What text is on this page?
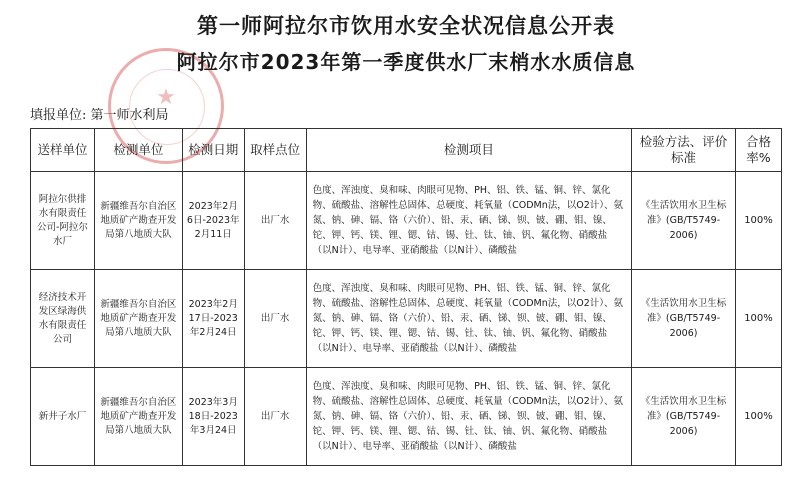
★
第一师阿拉尔市饮用水安全状况信息公开表
阿拉尔市2023年第一季度供水厂末梢水水质信息
填报单位: 第一师水利局
送样单位	检测单位	检测日期	取样点位	检测项目	检验方法、评价标准	合格率%
阿拉尔供排水有限责任公司-阿拉尔水厂	新疆维吾尔自治区地质矿产勘查开发局第八地质大队	2023年2月6日-2023年2月11日	出厂水	色度、浑浊度、臭和味、肉眼可见物、PH、铝、铁、锰、铜、锌、氯化物、硫酸盐、溶解性总固体、总硬度、耗氧量（CODMn法，以O2计）、氨氮、钠、砷、镉、铬（六价）、铅、汞、硒、锑、钡、铍、硼、钼、镍、铊、钾、钙、镁、锂、锶、钴、锡、钍、钛、铀、钒、氟化物、硝酸盐（以N计）、电导率、亚硝酸盐（以N计）、磷酸盐	《生活饮用水卫生标准》(GB/T5749-2006)	100%
经济技术开发区绿海供水有限责任公司	新疆维吾尔自治区地质矿产勘查开发局第八地质大队	2023年2月17日-2023年2月24日	出厂水	色度、浑浊度、臭和味、肉眼可见物、PH、铝、铁、锰、铜、锌、氯化物、硫酸盐、溶解性总固体、总硬度、耗氧量（CODMn法，以O2计）、氨氮、钠、砷、镉、铬（六价）、铅、汞、硒、锑、钡、铍、硼、钼、镍、铊、钾、钙、镁、锂、锶、钴、锡、钍、钛、铀、钒、氟化物、硝酸盐（以N计）、电导率、亚硝酸盐（以N计）、磷酸盐	《生活饮用水卫生标准》(GB/T5749-2006)	100%
新井子水厂	新疆维吾尔自治区地质矿产勘查开发局第八地质大队	2023年3月18日-2023年3月24日	出厂水	色度、浑浊度、臭和味、肉眼可见物、PH、铝、铁、锰、铜、锌、氯化物、硫酸盐、溶解性总固体、总硬度、耗氧量（CODMn法，以O2计）、氨氮、钠、砷、镉、铬（六价）、铅、汞、硒、锑、钡、铍、硼、钼、镍、铊、钾、钙、镁、锂、锶、钴、锡、钍、钛、铀、钒、氟化物、硝酸盐（以N计）、电导率、亚硝酸盐（以N计）、磷酸盐	《生活饮用水卫生标准》(GB/T5749-2006)	100%
